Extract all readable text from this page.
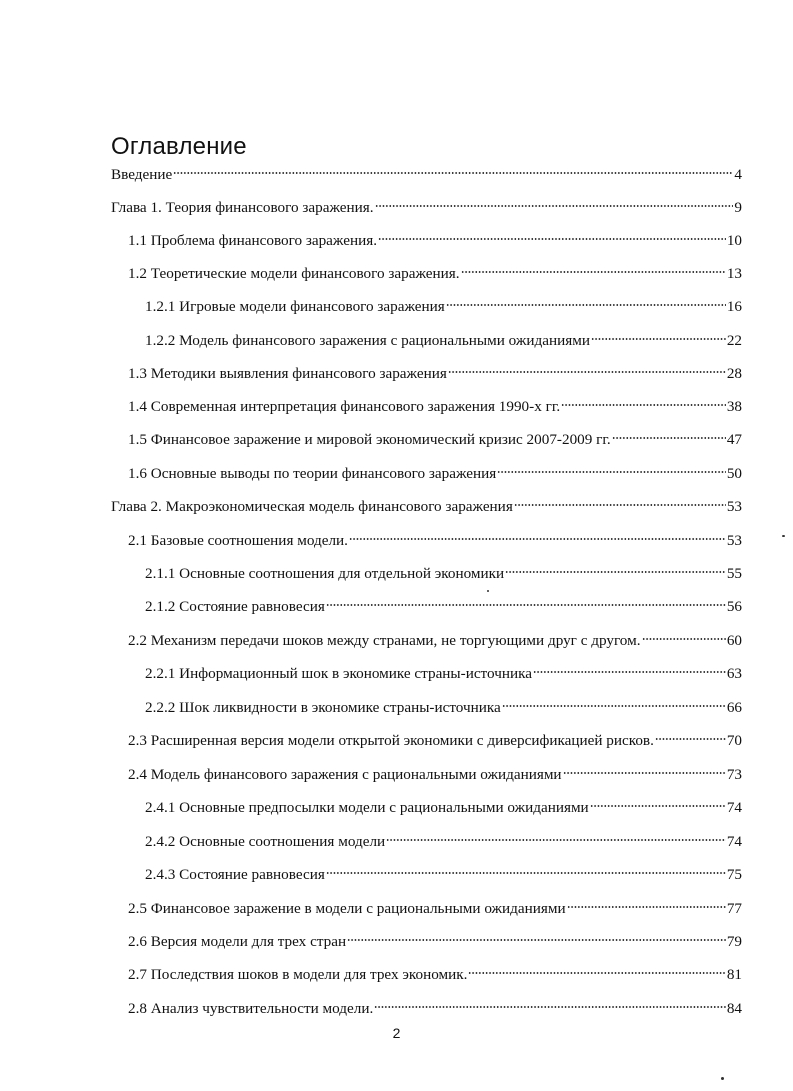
Оглавление
Введение	4
Глава 1. Теория финансового заражения.	9
1.1 Проблема финансового заражения.	10
1.2 Теоретические модели финансового заражения.	13
1.2.1 Игровые модели финансового заражения	16
1.2.2 Модель финансового заражения с рациональными ожиданиями	22
1.3 Методики выявления финансового заражения	28
1.4 Современная интерпретация финансового заражения 1990-х гг.	38
1.5 Финансовое заражение и мировой экономический кризис 2007-2009 гг.	47
1.6 Основные выводы по теории финансового заражения	50
Глава 2. Макроэкономическая модель финансового заражения	53
2.1 Базовые соотношения модели.	53
2.1.1 Основные соотношения для отдельной экономики	55
2.1.2 Состояние равновесия	56
2.2 Механизм передачи шоков между странами, не торгующими друг с другом.	60
2.2.1 Информационный шок в экономике страны-источника	63
2.2.2 Шок ликвидности в экономике страны-источника	66
2.3 Расширенная версия модели открытой экономики с диверсификацией рисков.	70
2.4 Модель финансового заражения с рациональными ожиданиями	73
2.4.1 Основные предпосылки модели с рациональными ожиданиями	74
2.4.2 Основные соотношения модели	74
2.4.3 Состояние равновесия	75
2.5 Финансовое заражение в модели с рациональными ожиданиями	77
2.6 Версия модели для трех стран	79
2.7 Последствия шоков в модели для трех экономик.	81
2.8 Анализ чувствительности модели.	84
2
